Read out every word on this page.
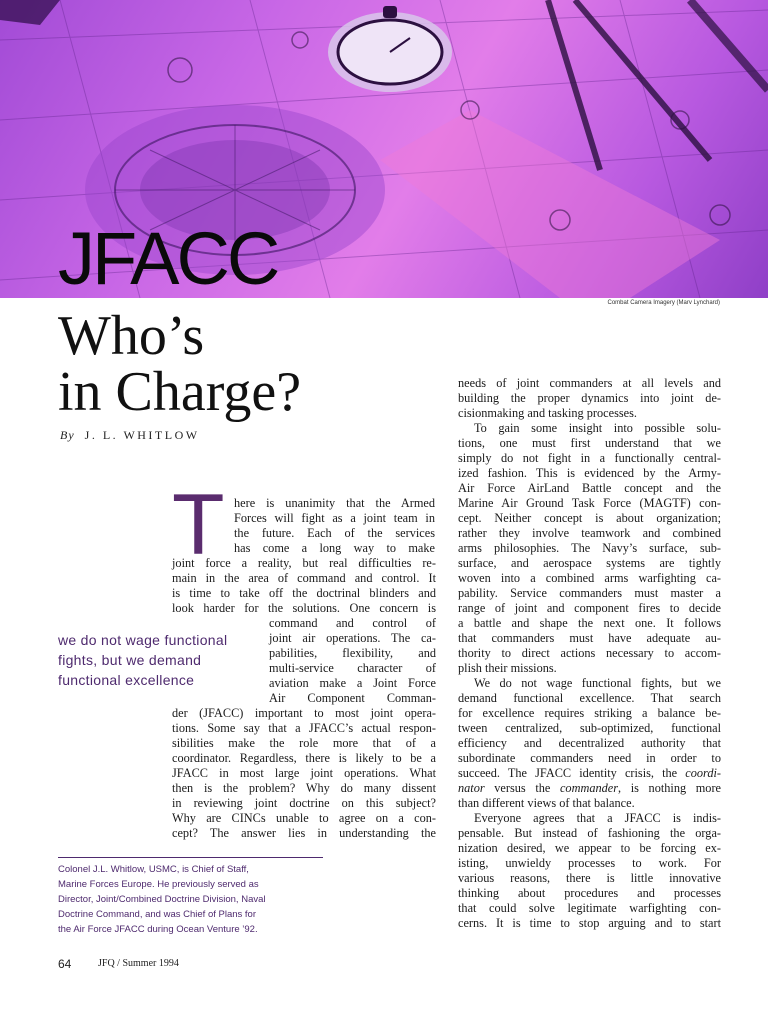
JFACC
Combat Camera Imagery (Marv Lynchard)
Who’s
in Charge?
By J. L. WHITLOW
T here is unanimity that the Armed

Forces will fight as a joint team in

the future. Each of the services

has come a long way to make

joint force a reality, but real difficulties re-

main in the area of command and control. It

is time to take off the doctrinal blinders and

look harder for the solutions. One concern is

command and control of

joint air operations. The ca-

pabilities, flexibility, and

multi-service character of

aviation make a Joint Force

Air Component Comman-

der (JFACC) important to most joint opera-

tions. Some say that a JFACC’s actual respon-

sibilities make the role more that of a

coordinator. Regardless, there is likely to be a

JFACC in most large joint operations. What

then is the problem? Why do many dissent

in reviewing joint doctrine on this subject?

Why are CINCs unable to agree on a con-

cept? The answer lies in understanding the

we do not wage functional
fights, but we demand
functional excellence

needs of joint commanders at all levels and

building the proper dynamics into joint de-

cisionmaking and tasking processes.

To gain some insight into possible solu-

tions, one must first understand that we

simply do not fight in a functionally central-

ized fashion. This is evidenced by the Army-

Air Force AirLand Battle concept and the

Marine Air Ground Task Force (MAGTF) con-

cept. Neither concept is about organization;

rather they involve teamwork and combined

arms philosophies. The Navy’s surface, sub-

surface, and aerospace systems are tightly

woven into a combined arms warfighting ca-

pability. Service commanders must master a

range of joint and component fires to decide

a battle and shape the next one. It follows

that commanders must have adequate au-

thority to direct actions necessary to accom-

plish their missions.

We do not wage functional fights, but we

demand functional excellence. That search

for excellence requires striking a balance be-

tween centralized, sub-optimized, functional

efficiency and decentralized authority that

subordinate commanders need in order to

succeed. The JFACC identity crisis, the coordi-

nator versus the commander, is nothing more

than different views of that balance.

Everyone agrees that a JFACC is indis-

pensable. But instead of fashioning the orga-

nization desired, we appear to be forcing ex-

isting, unwieldy processes to work. For

various reasons, there is little innovative

thinking about procedures and processes

that could solve legitimate warfighting con-

cerns. It is time to stop arguing and to start

Colonel J.L. Whitlow, USMC, is Chief of Staff,

Marine Forces Europe. He previously served as

Director, Joint/Combined Doctrine Division, Naval

Doctrine Command, and was Chief of Plans for

the Air Force JFACC during Ocean Venture ’92.

64	JFQ / Summer 1994
